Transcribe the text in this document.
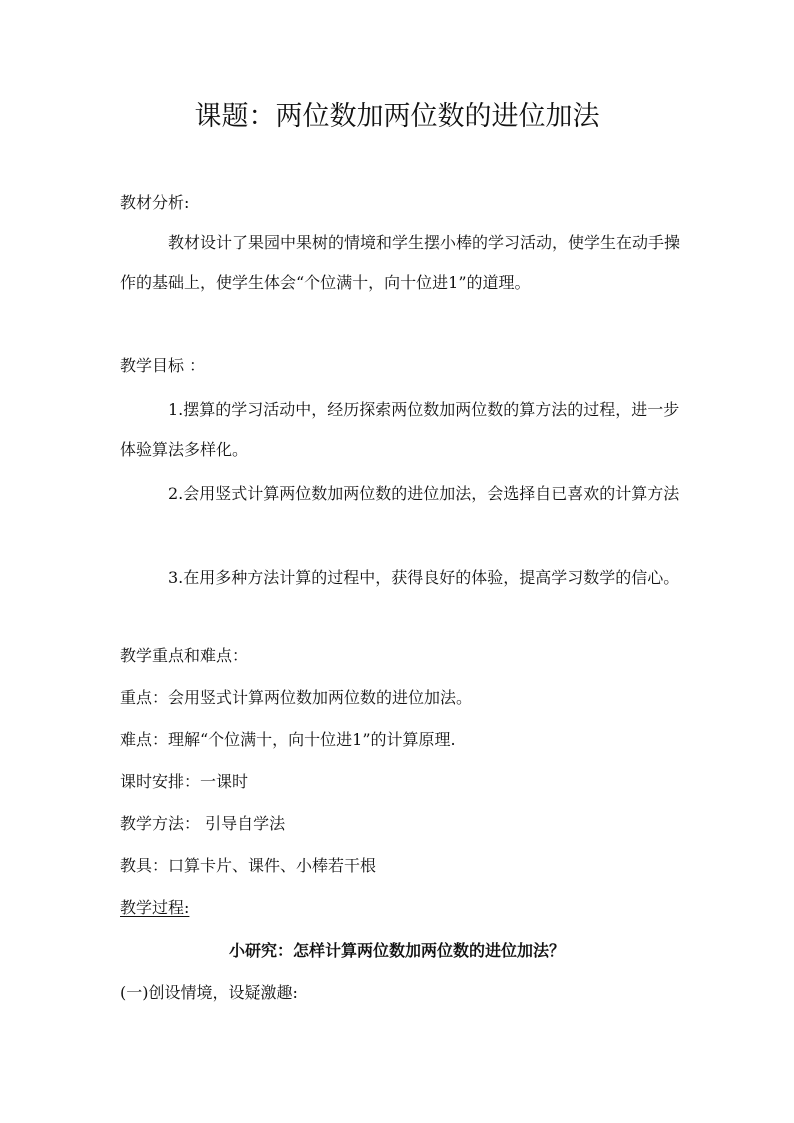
课题：两位数加两位数的进位加法

教材分析:

教材设计了果园中果树的情境和学生摆小棒的学习活动，使学生在动手操作的基础上，使学生体会“个位满十，向十位进1”的道理。

教学目标 ：

1.摆算的学习活动中，经历探索两位数加两位数的算方法的过程，进一步体验算法多样化。

2.会用竖式计算两位数加两位数的进位加法，会选择自已喜欢的计算方法

3.在用多种方法计算的过程中，获得良好的体验，提高学习数学的信心。

教学重点和难点：

重点：会用竖式计算两位数加两位数的进位加法。

难点：理解“个位满十，向十位进1”的计算原理.

课时安排：一课时

教学方法： 引导自学法

教具：口算卡片、课件、小棒若干根

教学过程:

小研究：怎样计算两位数加两位数的进位加法？

(一)创设情境，设疑激趣:
